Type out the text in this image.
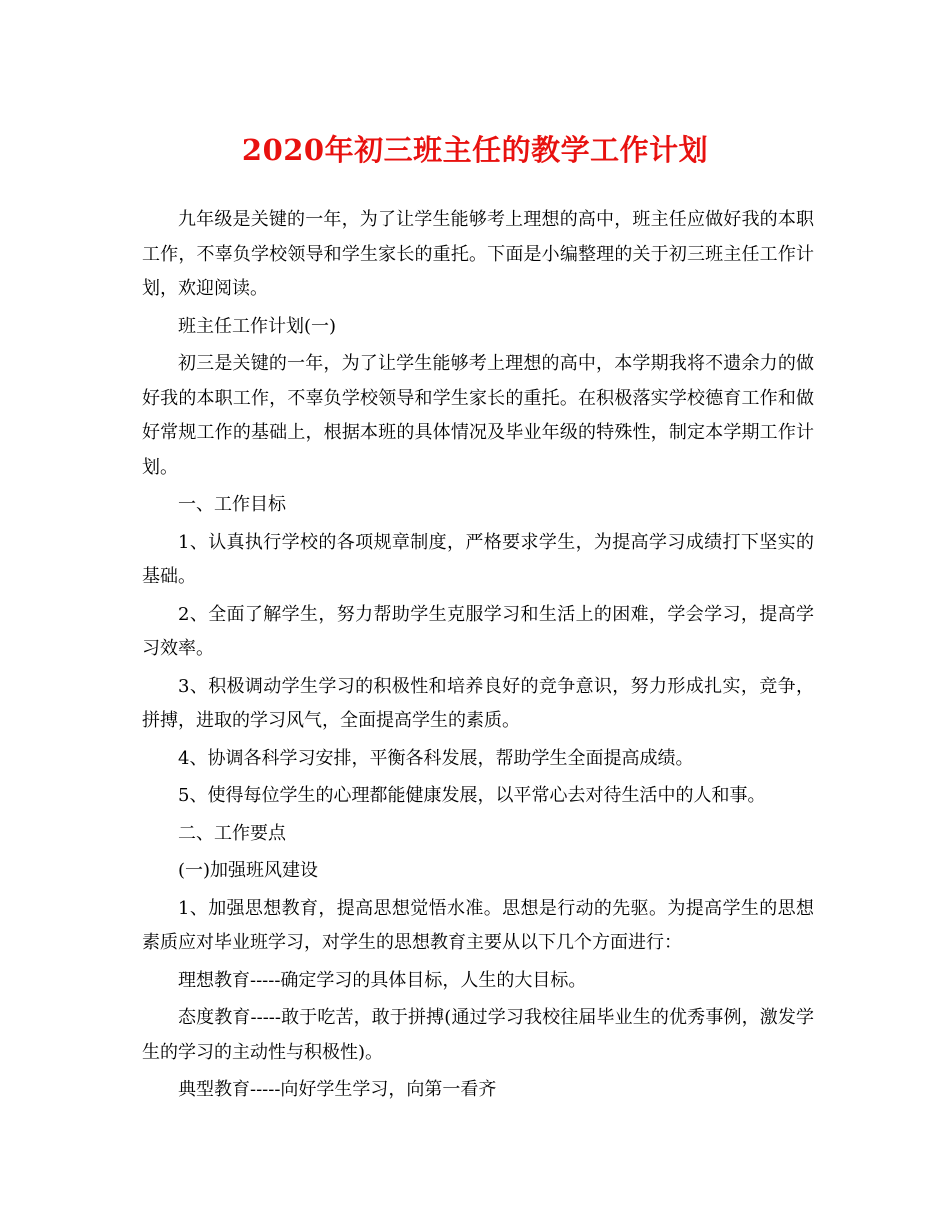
2020年初三班主任的教学工作计划

九年级是关键的一年，为了让学生能够考上理想的高中，班主任应做好我的本职工作，不辜负学校领导和学生家长的重托。下面是小编整理的关于初三班主任工作计划，欢迎阅读。

班主任工作计划(一)

初三是关键的一年，为了让学生能够考上理想的高中，本学期我将不遗余力的做好我的本职工作，不辜负学校领导和学生家长的重托。在积极落实学校德育工作和做好常规工作的基础上，根据本班的具体情况及毕业年级的特殊性，制定本学期工作计划。

一、工作目标

1、认真执行学校的各项规章制度，严格要求学生，为提高学习成绩打下坚实的基础。

2、全面了解学生，努力帮助学生克服学习和生活上的困难，学会学习，提高学习效率。

3、积极调动学生学习的积极性和培养良好的竞争意识，努力形成扎实，竞争，拼搏，进取的学习风气，全面提高学生的素质。

4、协调各科学习安排，平衡各科发展，帮助学生全面提高成绩。

5、使得每位学生的心理都能健康发展，以平常心去对待生活中的人和事。

二、工作要点

(一)加强班风建设

1、加强思想教育，提高思想觉悟水准。思想是行动的先驱。为提高学生的思想素质应对毕业班学习，对学生的思想教育主要从以下几个方面进行：

理想教育-----确定学习的具体目标，人生的大目标。

态度教育-----敢于吃苦，敢于拼搏(通过学习我校往届毕业生的优秀事例，激发学生的学习的主动性与积极性)。

典型教育-----向好学生学习，向第一看齐
